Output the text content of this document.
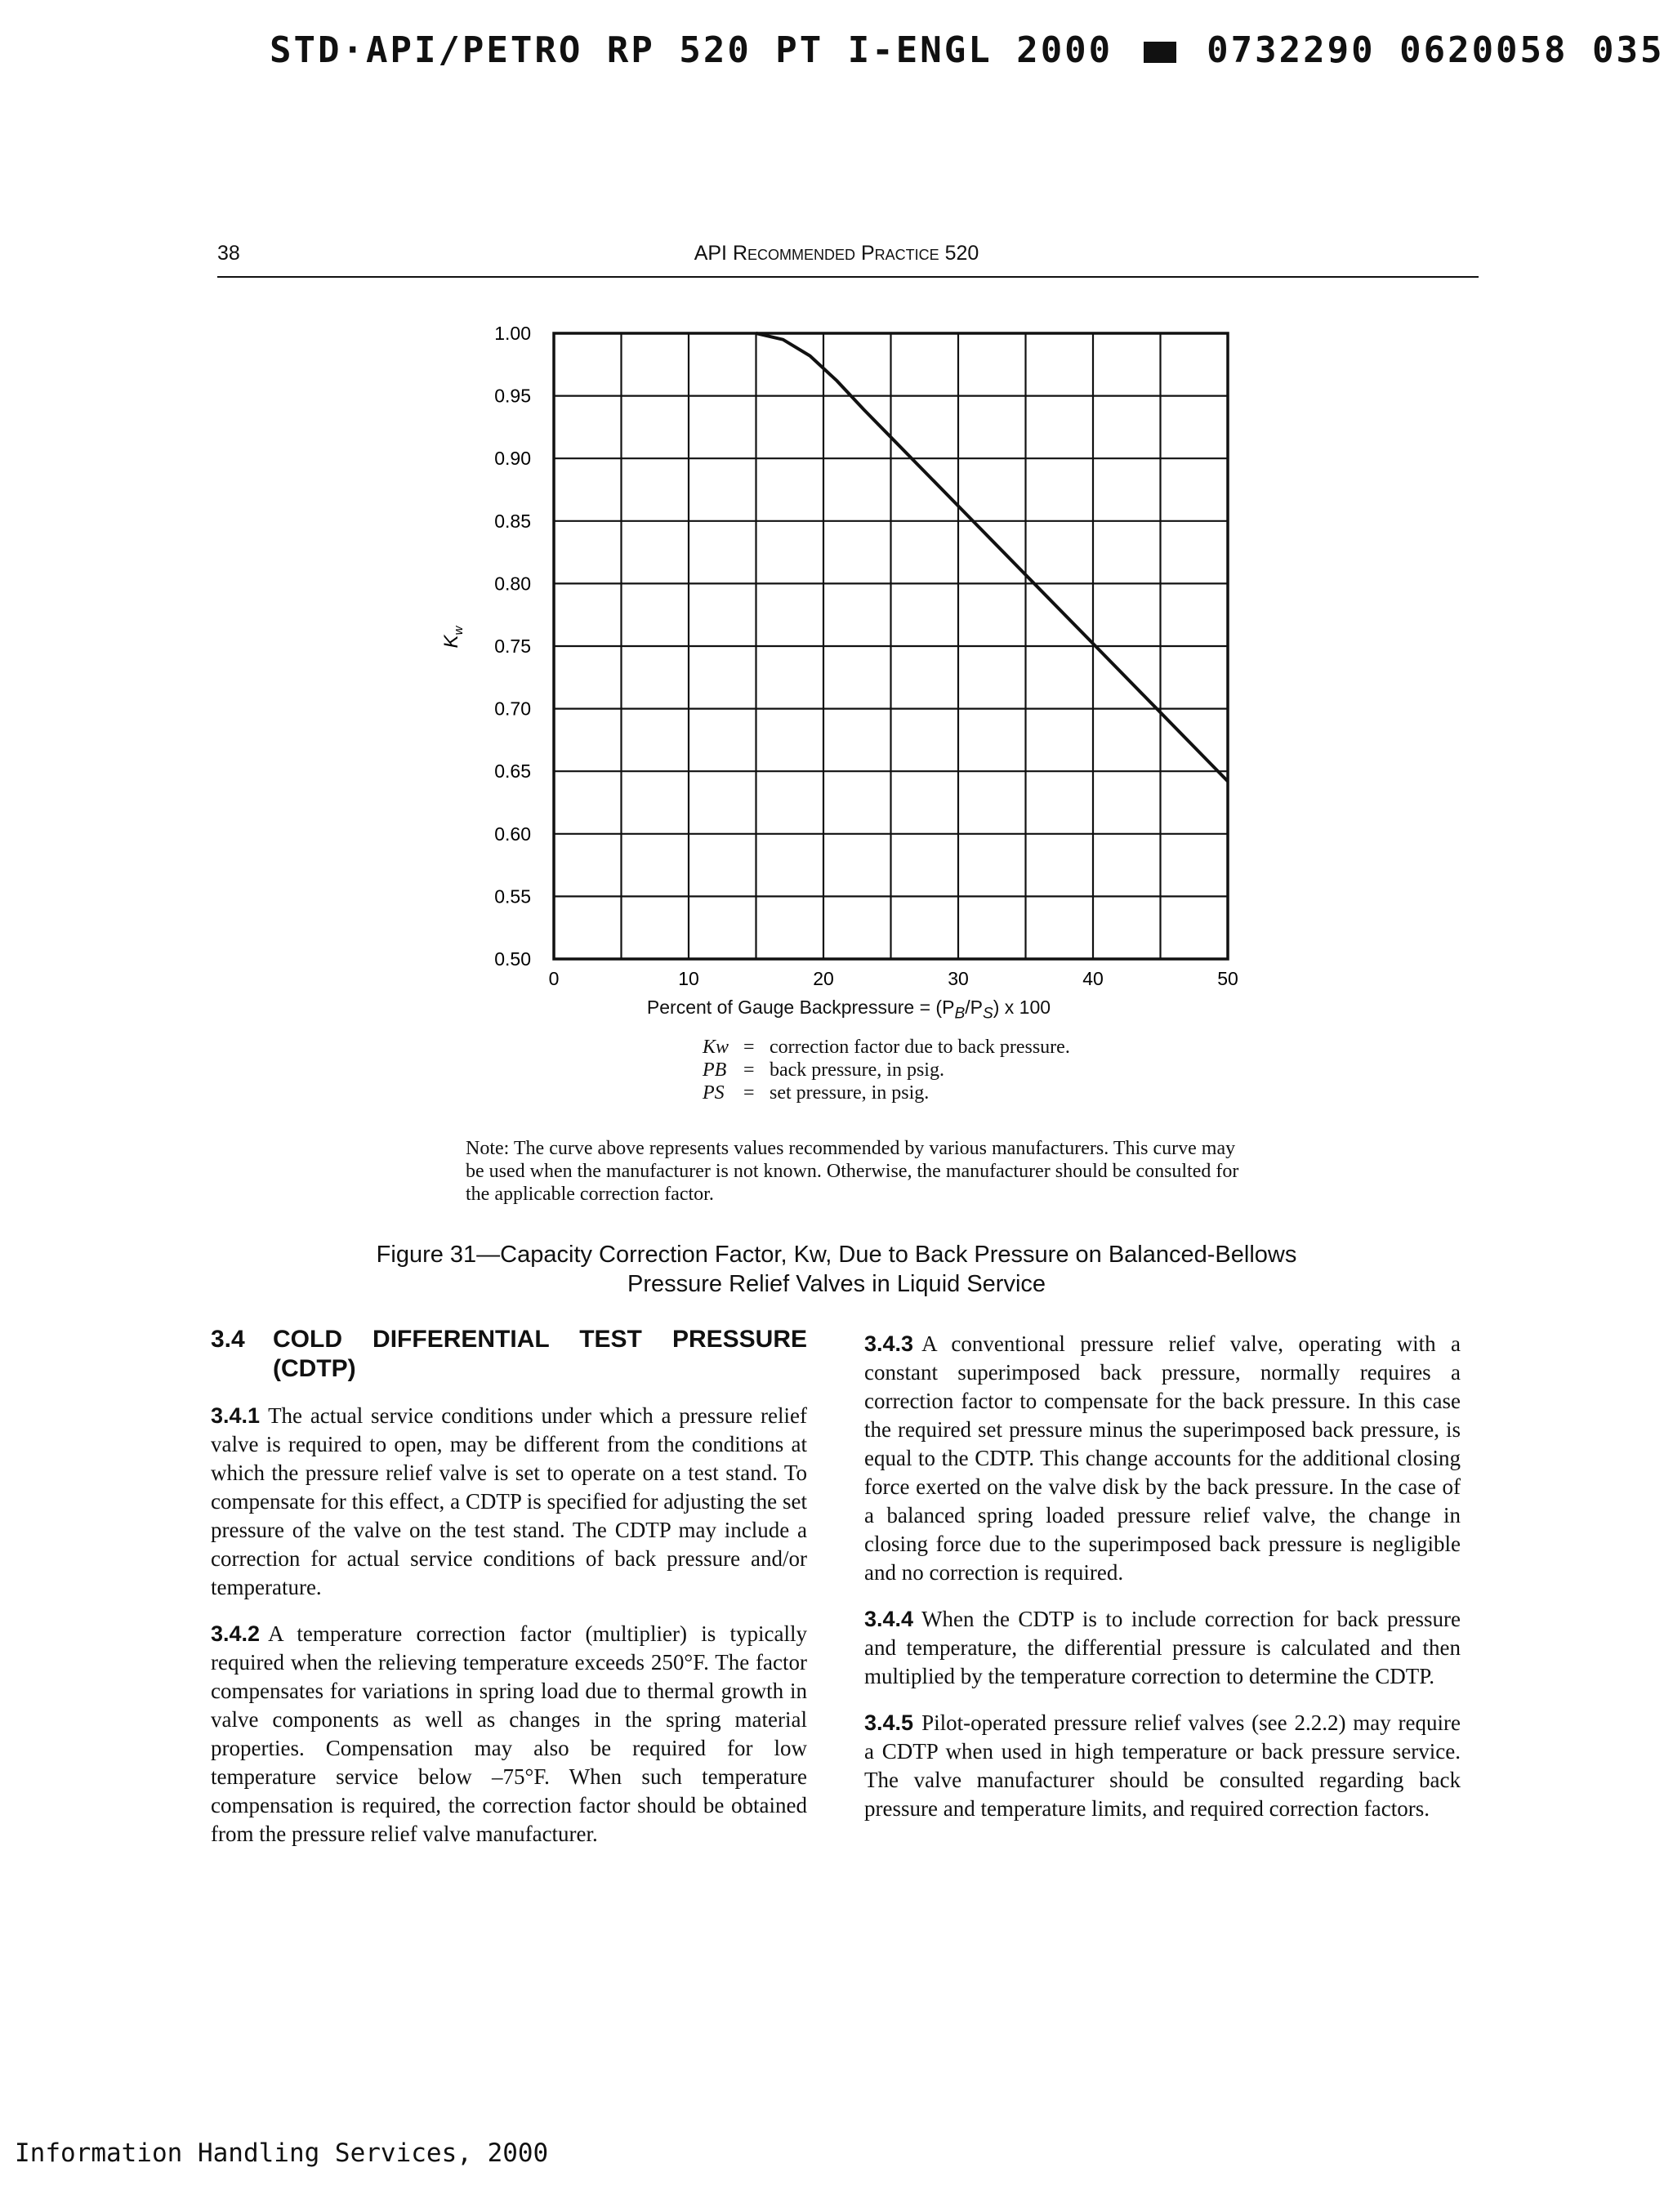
STD·API/PETRO RP 520 PT I-ENGL 2000	0732290 0620058 035
38	API Recommended Practice 520
0.50
0.55
0.60
0.65
0.70
0.75
0.80
0.85
0.90
0.95
1.00
0	10	20	30	40	50
$K_w$
Percent of Gauge Backpressure = $(P_B/P_S)$ x 100
Kw = correction factor due to back pressure.
PB = back pressure, in psig.
PS = set pressure, in psig.
Note: The curve above represents values recommended by various manufacturers. This curve may be used when the manufacturer is not known. Otherwise, the manufacturer should be consulted for the applicable correction factor.
Figure 31—Capacity Correction Factor, Kw, Due to Back Pressure on Balanced-Bellows
Pressure Relief Valves in Liquid Service
3.4	COLD DIFFERENTIAL TEST PRESSURE (CDTP)

3.4.1 The actual service conditions under which a pressure relief valve is required to open, may be different from the conditions at which the pressure relief valve is set to operate on a test stand. To compensate for this effect, a CDTP is specified for adjusting the set pressure of the valve on the test stand. The CDTP may include a correction for actual service conditions of back pressure and/or temperature.

3.4.2 A temperature correction factor (multiplier) is typically required when the relieving temperature exceeds 250°F. The factor compensates for variations in spring load due to thermal growth in valve components as well as changes in the spring material properties. Compensation may also be required for low temperature service below –75°F. When such temperature compensation is required, the correction factor should be obtained from the pressure relief valve manufacturer.

3.4.3 A conventional pressure relief valve, operating with a constant superimposed back pressure, normally requires a correction factor to compensate for the back pressure. In this case the required set pressure minus the superimposed back pressure, is equal to the CDTP. This change accounts for the additional closing force exerted on the valve disk by the back pressure. In the case of a balanced spring loaded pressure relief valve, the change in closing force due to the superimposed back pressure is negligible and no correction is required.

3.4.4 When the CDTP is to include correction for back pressure and temperature, the differential pressure is calculated and then multiplied by the temperature correction to determine the CDTP.

3.4.5 Pilot-operated pressure relief valves (see 2.2.2) may require a CDTP when used in high temperature or back pressure service. The valve manufacturer should be consulted regarding back pressure and temperature limits, and required correction factors.

Information Handling Services, 2000
